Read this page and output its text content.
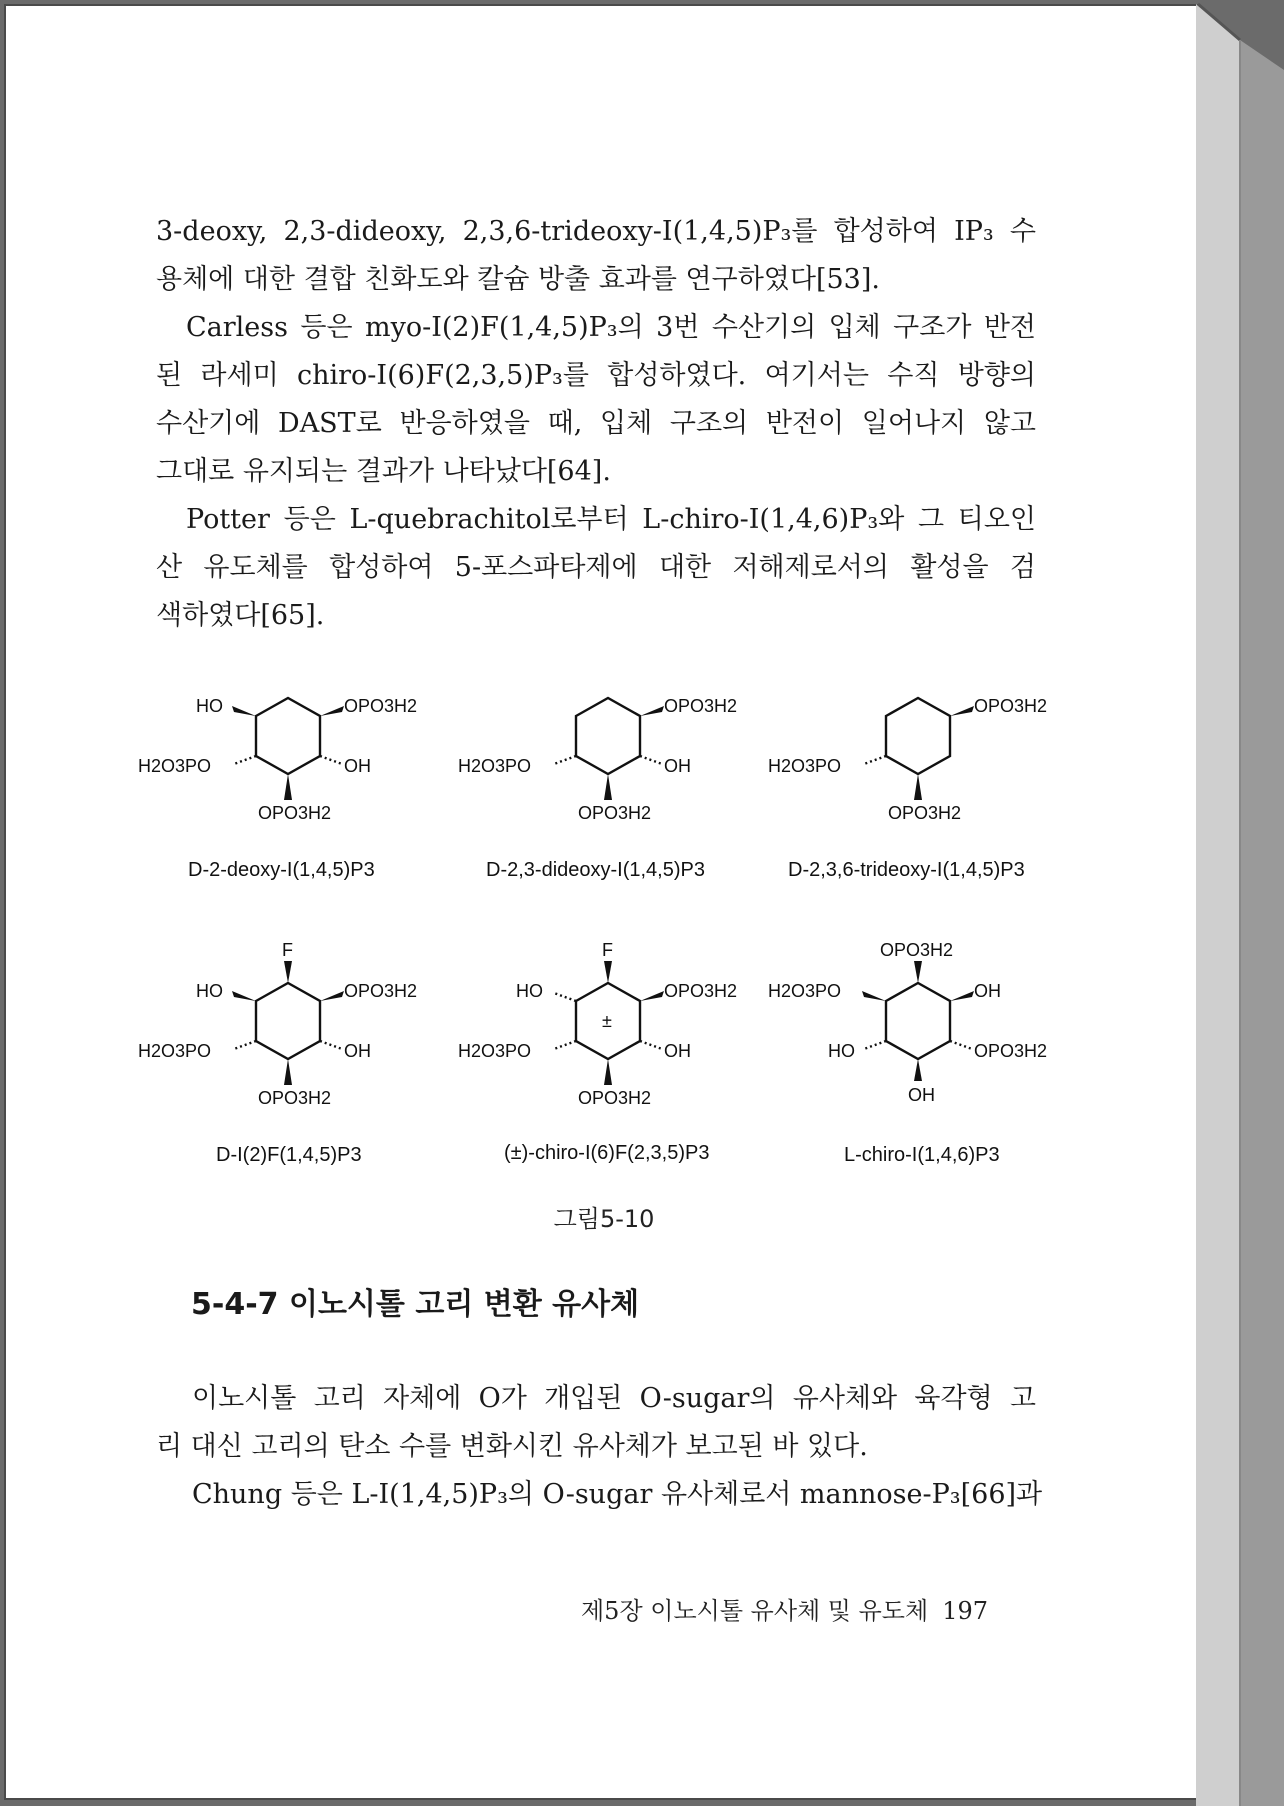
3-deoxy, 2,3-dideoxy, 2,3,6-trideoxy-I(1,4,5)P₃를 합성하여 IP₃ 수
용체에 대한 결합 친화도와 칼슘 방출 효과를 연구하였다[53].
Carless 등은 myo-I(2)F(1,4,5)P₃의 3번 수산기의 입체 구조가 반전
된 라세미 chiro-I(6)F(2,3,5)P₃를 합성하였다. 여기서는 수직 방향의
수산기에 DAST로 반응하였을 때, 입체 구조의 반전이 일어나지 않고
그대로 유지되는 결과가 나타났다[64].
Potter 등은 L-quebrachitol로부터 L-chiro-I(1,4,6)P₃와 그 티오인
산 유도체를 합성하여 5-포스파타제에 대한 저해제로서의 활성을 검
색하였다[65].
HO	OPO3H2
H2O3PO	OH
OPO3H2
D-2-deoxy-I(1,4,5)P3
OPO3H2
H2O3PO	OH
OPO3H2
D-2,3-dideoxy-I(1,4,5)P3
OPO3H2
H2O3PO
OPO3H2
D-2,3,6-trideoxy-I(1,4,5)P3
F
HO	OPO3H2
H2O3PO	OH
OPO3H2
D-I(2)F(1,4,5)P3
F
HO	OPO3H2
±
H2O3PO	OH
OPO3H2
(±)-chiro-I(6)F(2,3,5)P3
OPO3H2
H2O3PO	OH
HO	OPO3H2
OH
L-chiro-I(1,4,6)P3
그림5-10
5-4-7 이노시톨 고리 변환 유사체
이노시톨 고리 자체에 O가 개입된 O-sugar의 유사체와 육각형 고
리 대신 고리의 탄소 수를 변화시킨 유사체가 보고된 바 있다.
Chung 등은 L-I(1,4,5)P₃의 O-sugar 유사체로서 mannose-P₃[66]과
제5장 이노시톨 유사체 및 유도체 197
